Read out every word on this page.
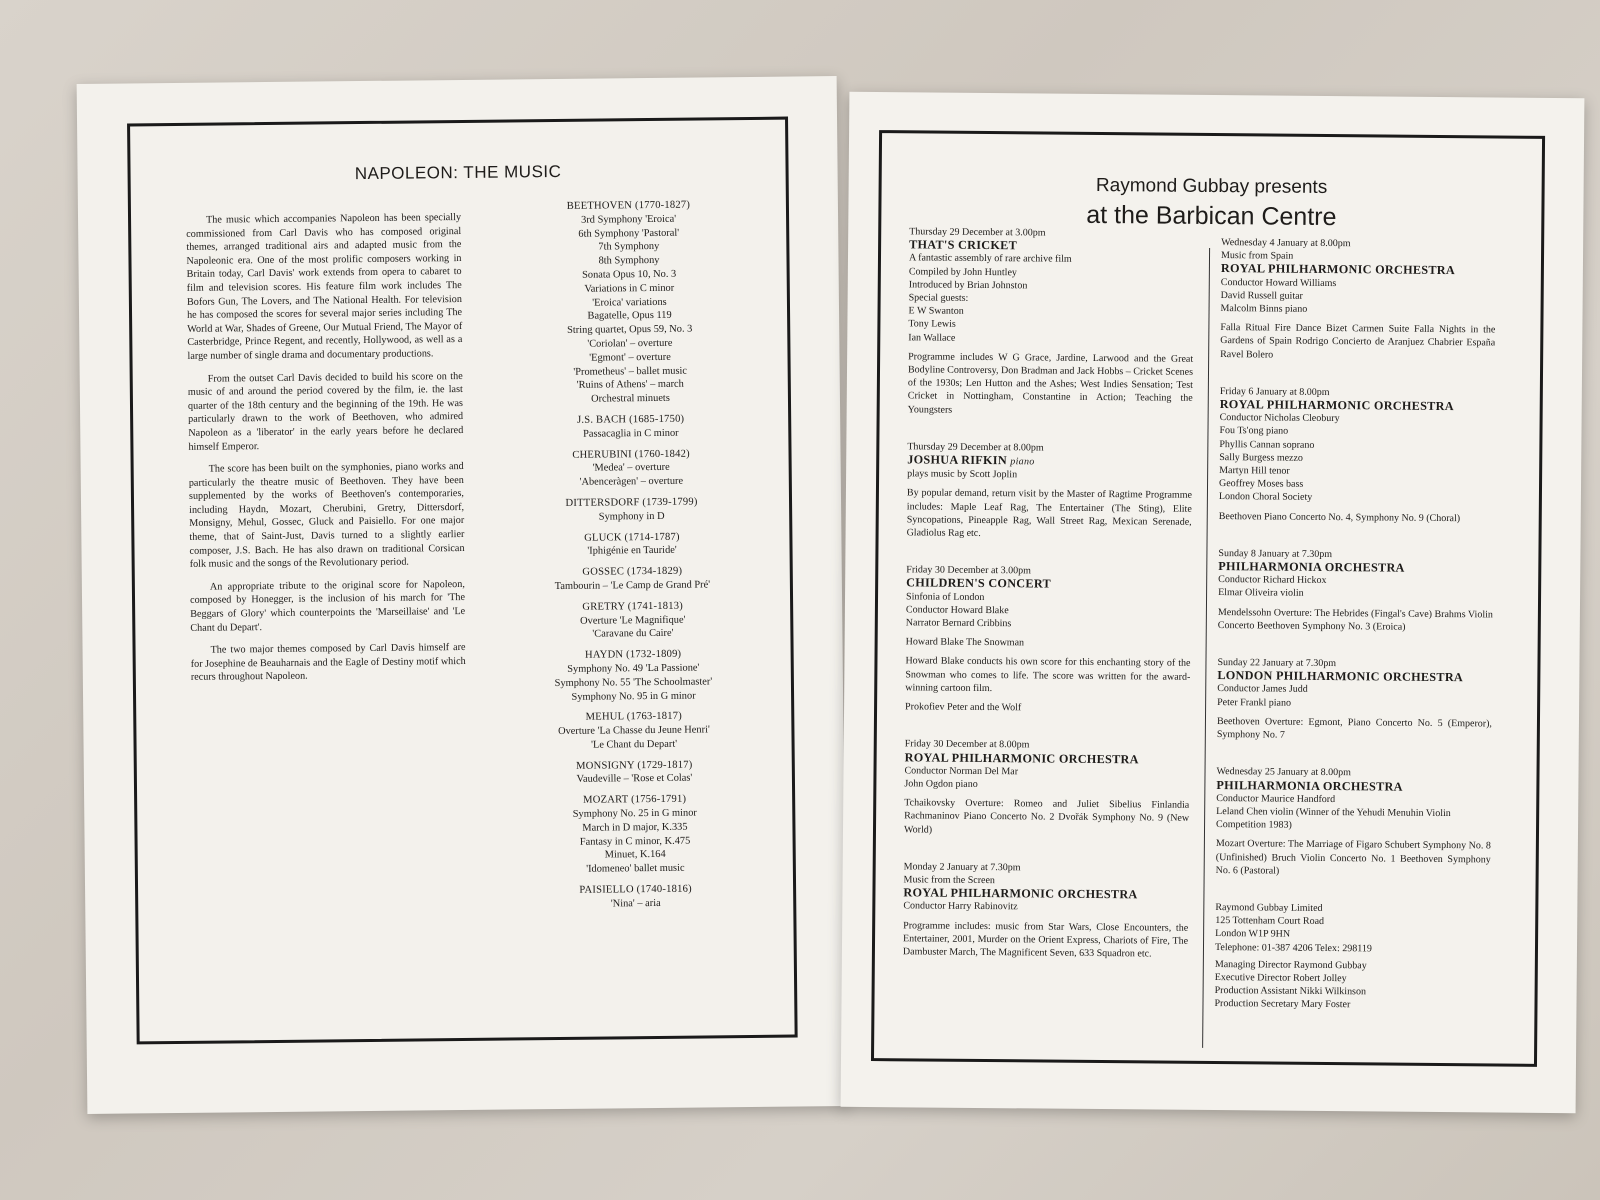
NAPOLEON: THE MUSIC

The music which accompanies Napoleon has been specially commissioned from Carl Davis who has composed original themes, arranged traditional airs and adapted music from the Napoleonic era. One of the most prolific composers working in Britain today, Carl Davis' work extends from opera to cabaret to film and television scores. His feature film work includes The Bofors Gun, The Lovers, and The National Health. For television he has composed the scores for several major series including The World at War, Shades of Greene, Our Mutual Friend, The Mayor of Casterbridge, Prince Regent, and recently, Hollywood, as well as a large number of single drama and documentary productions.

From the outset Carl Davis decided to build his score on the music of and around the period covered by the film, ie. the last quarter of the 18th century and the beginning of the 19th. He was particularly drawn to the work of Beethoven, who admired Napoleon as a 'liberator' in the early years before he declared himself Emperor.

The score has been built on the symphonies, piano works and particularly the theatre music of Beethoven. They have been supplemented by the works of Beethoven's contemporaries, including Haydn, Mozart, Cherubini, Gretry, Dittersdorf, Monsigny, Mehul, Gossec, Gluck and Paisiello. For one major theme, that of Saint-Just, Davis turned to a slightly earlier composer, J.S. Bach. He has also drawn on traditional Corsican folk music and the songs of the Revolutionary period.

An appropriate tribute to the original score for Napoleon, composed by Honegger, is the inclusion of his march for 'The Beggars of Glory' which counterpoints the 'Marseillaise' and 'Le Chant du Depart'.

The two major themes composed by Carl Davis himself are for Josephine de Beauharnais and the Eagle of Destiny motif which recurs throughout Napoleon.

BEETHOVEN (1770-1827)
3rd Symphony 'Eroica'
6th Symphony 'Pastoral'
7th Symphony
8th Symphony
Sonata Opus 10, No. 3
Variations in C minor
'Eroica' variations
Bagatelle, Opus 119
String quartet, Opus 59, No. 3
'Coriolan' – overture
'Egmont' – overture
'Prometheus' – ballet music
'Ruins of Athens' – march
Orchestral minuets
J.S. BACH (1685-1750)
Passacaglia in C minor
CHERUBINI (1760-1842)
'Medea' – overture
'Abenceràgen' – overture
DITTERSDORF (1739-1799)
Symphony in D
GLUCK (1714-1787)
'Iphigénie en Tauride'
GOSSEC (1734-1829)
Tambourin – 'Le Camp de Grand Pré'
GRETRY (1741-1813)
Overture 'Le Magnifique'
'Caravane du Caire'
HAYDN (1732-1809)
Symphony No. 49 'La Passione'
Symphony No. 55 'The Schoolmaster'
Symphony No. 95 in G minor
MEHUL (1763-1817)
Overture 'La Chasse du Jeune Henri'
'Le Chant du Depart'
MONSIGNY (1729-1817)
Vaudeville – 'Rose et Colas'
MOZART (1756-1791)
Symphony No. 25 in G minor
March in D major, K.335
Fantasy in C minor, K.475
Minuet, K.164
'Idomeneo' ballet music
PAISIELLO (1740-1816)
'Nina' – aria
Raymond Gubbay presents
at the Barbican Centre
Thursday 29 December at 3.00pm
THAT'S CRICKET
A fantastic assembly of rare archive film
Compiled by John Huntley
Introduced by Brian Johnston
Special guests:
E W Swanton
Tony Lewis
Ian Wallace
Programme includes W G Grace, Jardine, Larwood and the Great Bodyline Controversy, Don Bradman and Jack Hobbs – Cricket Scenes of the 1930s; Len Hutton and the Ashes; West Indies Sensation; Test Cricket in Nottingham, Constantine in Action; Teaching the Youngsters
Thursday 29 December at 8.00pm
JOSHUA RIFKIN piano
plays music by Scott Joplin
By popular demand, return visit by the Master of Ragtime Programme includes: Maple Leaf Rag, The Entertainer (The Sting), Elite Syncopations, Pineapple Rag, Wall Street Rag, Mexican Serenade, Gladiolus Rag etc.
Friday 30 December at 3.00pm
CHILDREN'S CONCERT
Sinfonia of London
Conductor Howard Blake
Narrator Bernard Cribbins
Howard Blake The Snowman
Howard Blake conducts his own score for this enchanting story of the Snowman who comes to life. The score was written for the award-winning cartoon film.
Prokofiev Peter and the Wolf
Friday 30 December at 8.00pm
ROYAL PHILHARMONIC ORCHESTRA
Conductor Norman Del Mar
John Ogdon piano
Tchaikovsky Overture: Romeo and Juliet Sibelius Finlandia Rachmaninov Piano Concerto No. 2 Dvořák Symphony No. 9 (New World)
Monday 2 January at 7.30pm
Music from the Screen
ROYAL PHILHARMONIC ORCHESTRA
Conductor Harry Rabinovitz
Programme includes: music from Star Wars, Close Encounters, the Entertainer, 2001, Murder on the Orient Express, Chariots of Fire, The Dambuster March, The Magnificent Seven, 633 Squadron etc.
Wednesday 4 January at 8.00pm
Music from Spain
ROYAL PHILHARMONIC ORCHESTRA
Conductor Howard Williams
David Russell guitar
Malcolm Binns piano
Falla Ritual Fire Dance Bizet Carmen Suite Falla Nights in the Gardens of Spain Rodrigo Concierto de Aranjuez Chabrier España Ravel Bolero
Friday 6 January at 8.00pm
ROYAL PHILHARMONIC ORCHESTRA
Conductor Nicholas Cleobury
Fou Ts'ong piano
Phyllis Cannan soprano
Sally Burgess mezzo
Martyn Hill tenor
Geoffrey Moses bass
London Choral Society
Beethoven Piano Concerto No. 4, Symphony No. 9 (Choral)
Sunday 8 January at 7.30pm
PHILHARMONIA ORCHESTRA
Conductor Richard Hickox
Elmar Oliveira violin
Mendelssohn Overture: The Hebrides (Fingal's Cave) Brahms Violin Concerto Beethoven Symphony No. 3 (Eroica)
Sunday 22 January at 7.30pm
LONDON PHILHARMONIC ORCHESTRA
Conductor James Judd
Peter Frankl piano
Beethoven Overture: Egmont, Piano Concerto No. 5 (Emperor), Symphony No. 7
Wednesday 25 January at 8.00pm
PHILHARMONIA ORCHESTRA
Conductor Maurice Handford
Leland Chen violin (Winner of the Yehudi Menuhin Violin Competition 1983)
Mozart Overture: The Marriage of Figaro Schubert Symphony No. 8 (Unfinished) Bruch Violin Concerto No. 1 Beethoven Symphony No. 6 (Pastoral)
Raymond Gubbay Limited
125 Tottenham Court Road
London W1P 9HN
Telephone: 01-387 4206 Telex: 298119
Managing Director Raymond Gubbay
Executive Director Robert Jolley
Production Assistant Nikki Wilkinson
Production Secretary Mary Foster
